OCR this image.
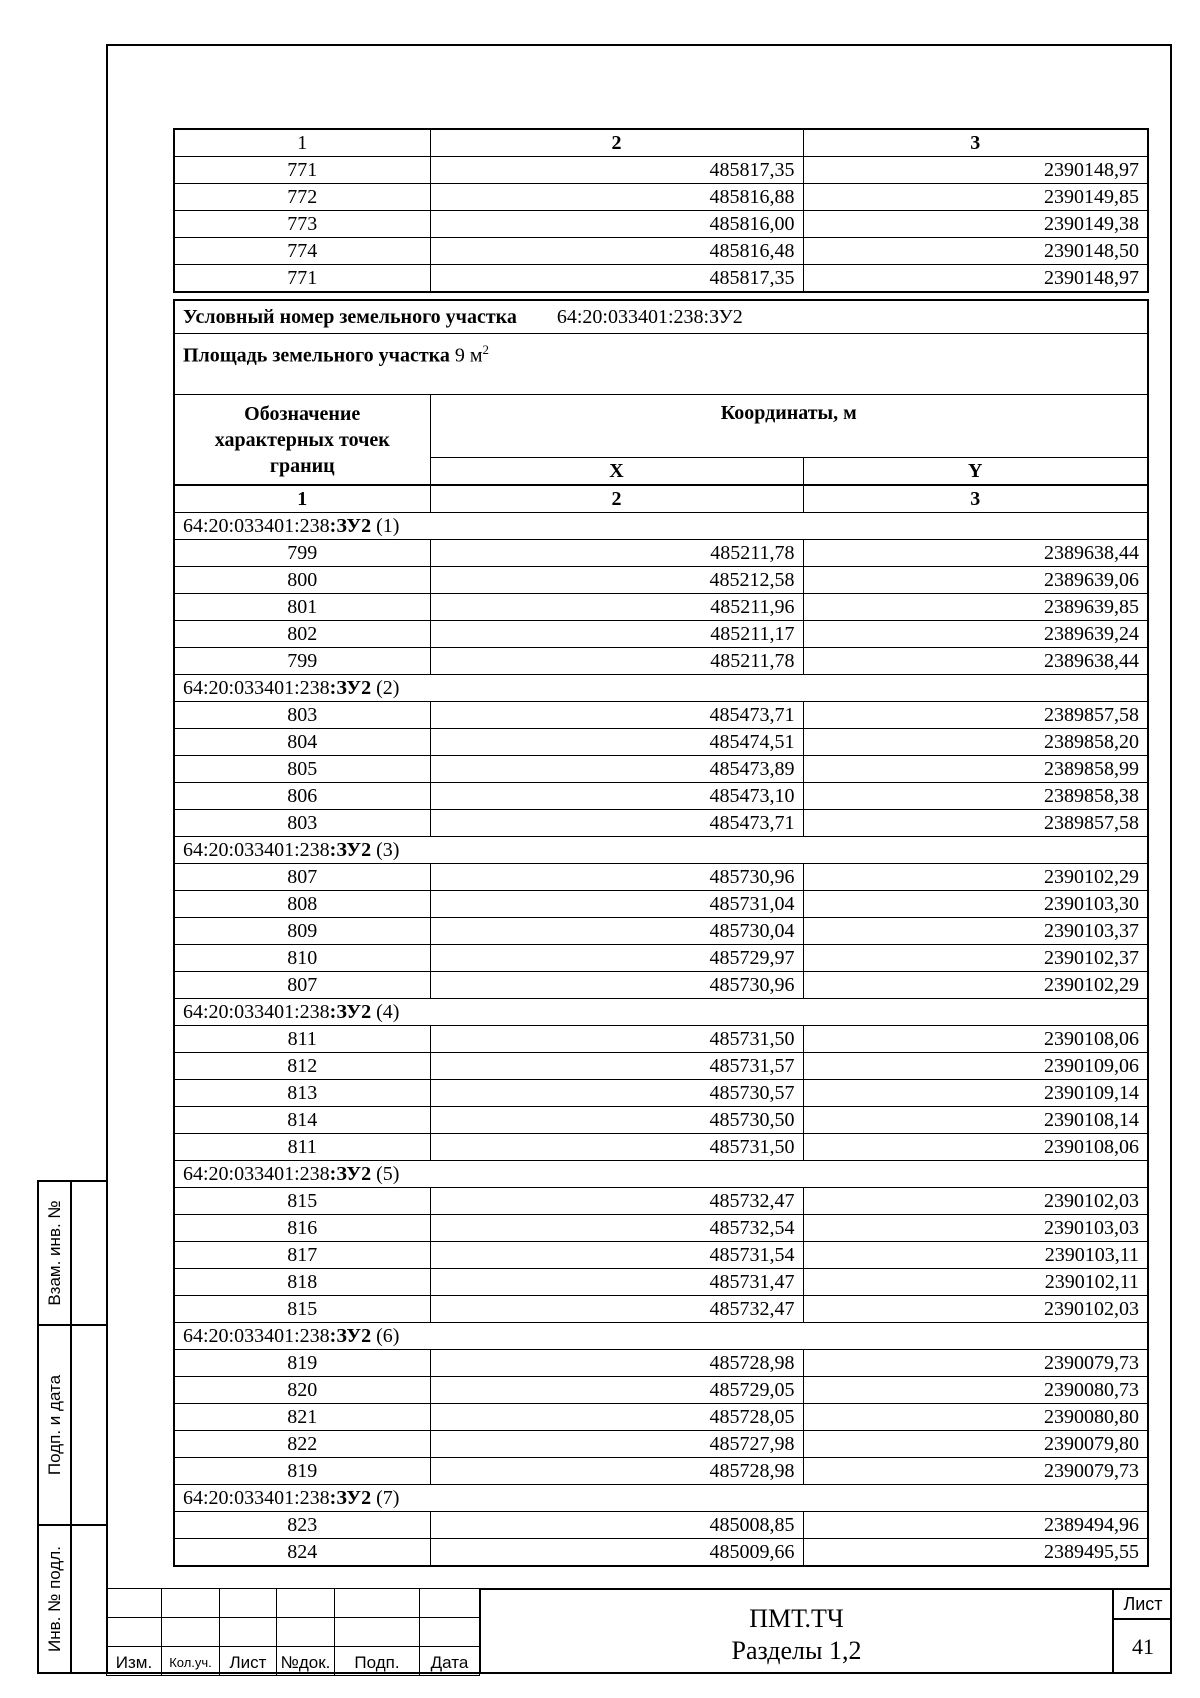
Взам. инв. №
Подп. и дата
Инв. № подл.
1	2	3
771	485817,35	2390148,97
772	485816,88	2390149,85
773	485816,00	2390149,38
774	485816,48	2390148,50
771	485817,35	2390148,97
Условный номер земельного участка 64:20:033401:238:ЗУ2		
Площадь земельного участка 9 $м^2$
Обозначение характерных точек границ	Координаты, м	
	X	Y
1	2	3
64:20:033401:238:ЗУ2 (1)		
799	485211,78	2389638,44
800	485212,58	2389639,06
801	485211,96	2389639,85
802	485211,17	2389639,24
799	485211,78	2389638,44
64:20:033401:238:ЗУ2 (2)		
803	485473,71	2389857,58
804	485474,51	2389858,20
805	485473,89	2389858,99
806	485473,10	2389858,38
803	485473,71	2389857,58
64:20:033401:238:ЗУ2 (3)		
807	485730,96	2390102,29
808	485731,04	2390103,30
809	485730,04	2390103,37
810	485729,97	2390102,37
807	485730,96	2390102,29
64:20:033401:238:ЗУ2 (4)		
811	485731,50	2390108,06
812	485731,57	2390109,06
813	485730,57	2390109,14
814	485730,50	2390108,14
811	485731,50	2390108,06
64:20:033401:238:ЗУ2 (5)		
815	485732,47	2390102,03
816	485732,54	2390103,03
817	485731,54	2390103,11
818	485731,47	2390102,11
815	485732,47	2390102,03
64:20:033401:238:ЗУ2 (6)		
819	485728,98	2390079,73
820	485729,05	2390080,73
821	485728,05	2390080,80
822	485727,98	2390079,80
819	485728,98	2390079,73
64:20:033401:238:ЗУ2 (7)		
823	485008,85	2389494,96
824	485009,66	2389495,55

Изм.	Кол.уч.	Лист	№док.	Подп.	Дата
ПМТ.ТЧ
Разделы 1,2
Лист
41
